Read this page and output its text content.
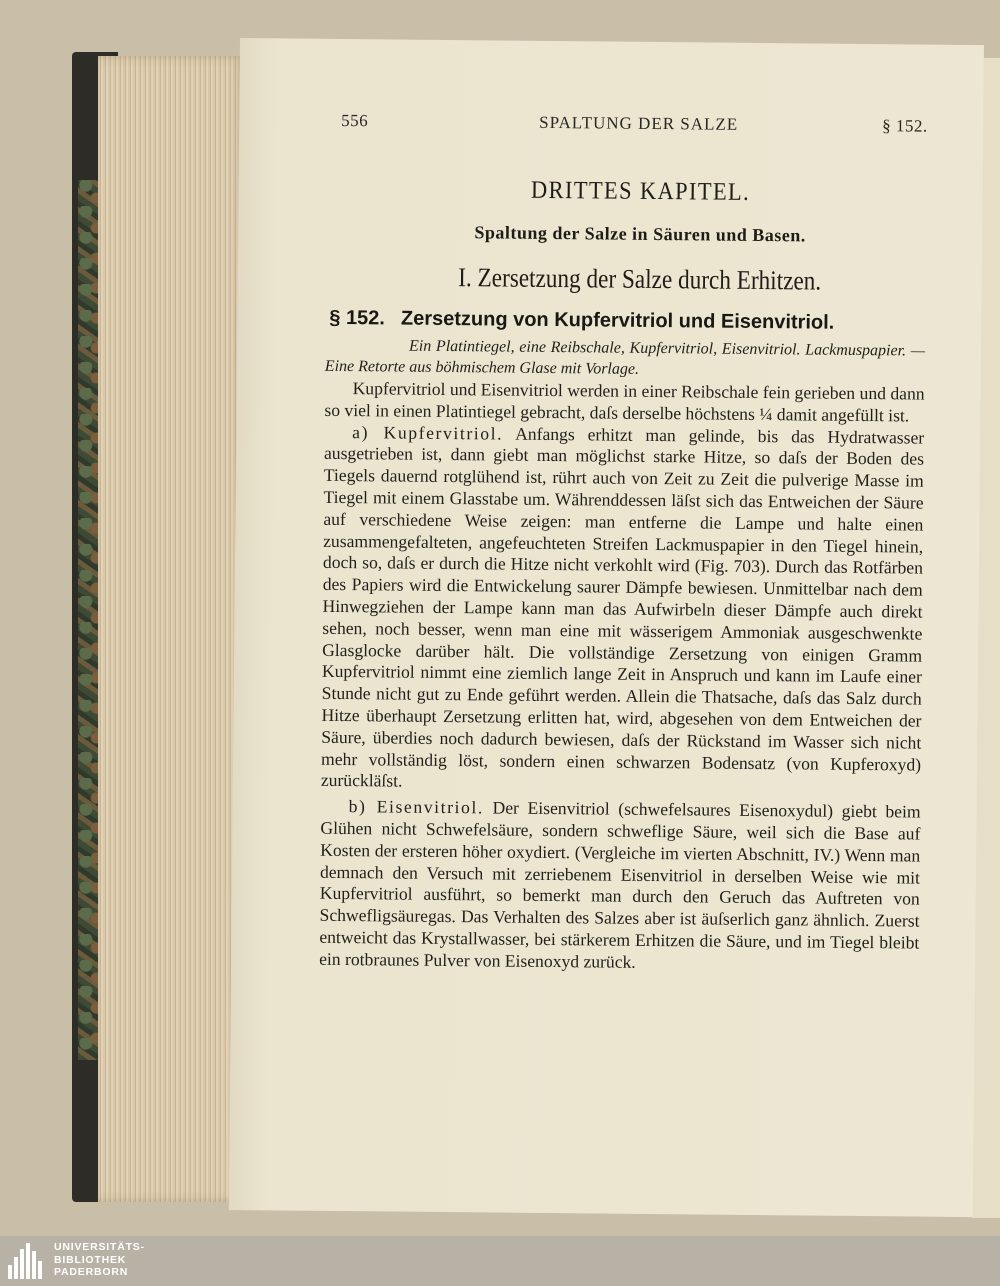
556	SPALTUNG DER SALZE	§ 152.
DRITTES KAPITEL.
Spaltung der Salze in Säuren und Basen.
I. Zersetzung der Salze durch Erhitzen.
§ 152. Zersetzung von Kupfervitriol und Eisenvitriol.

Ein Platintiegel, eine Reibschale, Kupfervitriol, Eisenvitriol. Lackmuspapier. — Eine Retorte aus böhmischem Glase mit Vorlage.

Kupfervitriol und Eisenvitriol werden in einer Reibschale fein gerieben und dann so viel in einen Platintiegel gebracht, daſs derselbe höchstens ¼ damit angefüllt ist.

a) Kupfervitriol. Anfangs erhitzt man gelinde, bis das Hydratwasser ausgetrieben ist, dann giebt man möglichst starke Hitze, so daſs der Boden des Tiegels dauernd rotglühend ist, rührt auch von Zeit zu Zeit die pulverige Masse im Tiegel mit einem Glasstabe um. Währenddessen läſst sich das Entweichen der Säure auf verschiedene Weise zeigen: man entferne die Lampe und halte einen zusammengefalteten, angefeuchteten Streifen Lackmuspapier in den Tiegel hinein, doch so, daſs er durch die Hitze nicht verkohlt wird (Fig. 703). Durch das Rotfärben des Papiers wird die Entwickelung saurer Dämpfe bewiesen. Unmittelbar nach dem Hinwegziehen der Lampe kann man das Aufwirbeln dieser Dämpfe auch direkt sehen, noch besser, wenn man eine mit wässerigem Ammoniak ausgeschwenkte Glasglocke darüber hält. Die vollständige Zersetzung von einigen Gramm Kupfervitriol nimmt eine ziemlich lange Zeit in Anspruch und kann im Laufe einer Stunde nicht gut zu Ende geführt werden. Allein die Thatsache, daſs das Salz durch Hitze überhaupt Zersetzung erlitten hat, wird, abgesehen von dem Entweichen der Säure, überdies noch dadurch bewiesen, daſs der Rückstand im Wasser sich nicht mehr vollständig löst, sondern einen schwarzen Bodensatz (von Kupferoxyd) zurückläſst.

b) Eisenvitriol. Der Eisenvitriol (schwefelsaures Eisenoxydul) giebt beim Glühen nicht Schwefelsäure, sondern schweflige Säure, weil sich die Base auf Kosten der ersteren höher oxydiert. (Vergleiche im vierten Abschnitt, IV.) Wenn man demnach den Versuch mit zerriebenem Eisenvitriol in derselben Weise wie mit Kupfervitriol ausführt, so bemerkt man durch den Geruch das Auftreten von Schwefligsäuregas. Das Verhalten des Salzes aber ist äuſserlich ganz ähnlich. Zuerst entweicht das Krystallwasser, bei stärkerem Erhitzen die Säure, und im Tiegel bleibt ein rotbraunes Pulver von Eisenoxyd zurück.

UNIVERSITÄTS-
BIBLIOTHEK
PADERBORN
